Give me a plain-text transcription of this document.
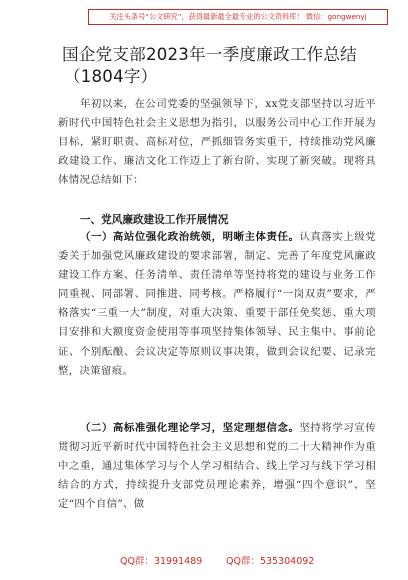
关注头条号“公文研究”，获得最新最全最专业的公文资料库！ 微信：gongwenyj
国企党支部2023年一季度廉政工作总结
（1804字）
年初以来，在公司党委的坚强领导下，xx党支部坚持以习近平新时代中国特色社会主义思想为指引，以服务公司中心工作开展为目标，紧盯职责、高标对位，严抓细管务实重干，持续推动党风廉政建设工作、廉洁文化工作迈上了新台阶、实现了新突破。现将具体情况总结如下：
一、党风廉政建设工作开展情况
（一）高站位强化政治统领，明晰主体责任。认真落实上级党委关于加强党风廉政建设的要求部署，制定、完善了年度党风廉政建设工作方案、任务清单、责任清单等坚持将党的建设与业务工作同重视、同部署、同推进、同考核。严格履行“一岗双责”要求，严格落实“三重一大”制度，对重大决策、重要干部任免奖惩、重大项目安排和大额度资金使用等事项坚持集体领导、民主集中、事前论证、个别酝酿、会议决定等原则议事决策，做到会议纪要、记录完整，决策留痕。
（二）高标准强化理论学习，坚定理想信念。坚持将学习宣传贯彻习近平新时代中国特色社会主义思想和党的二十大精神作为重中之重，通过集体学习与个人学习相结合、线上学习与线下学习相结合的方式，持续提升支部党员理论素养，增强“四个意识”、坚定“四个自信”、做
QQ群：31991489 QQ群：535304092
